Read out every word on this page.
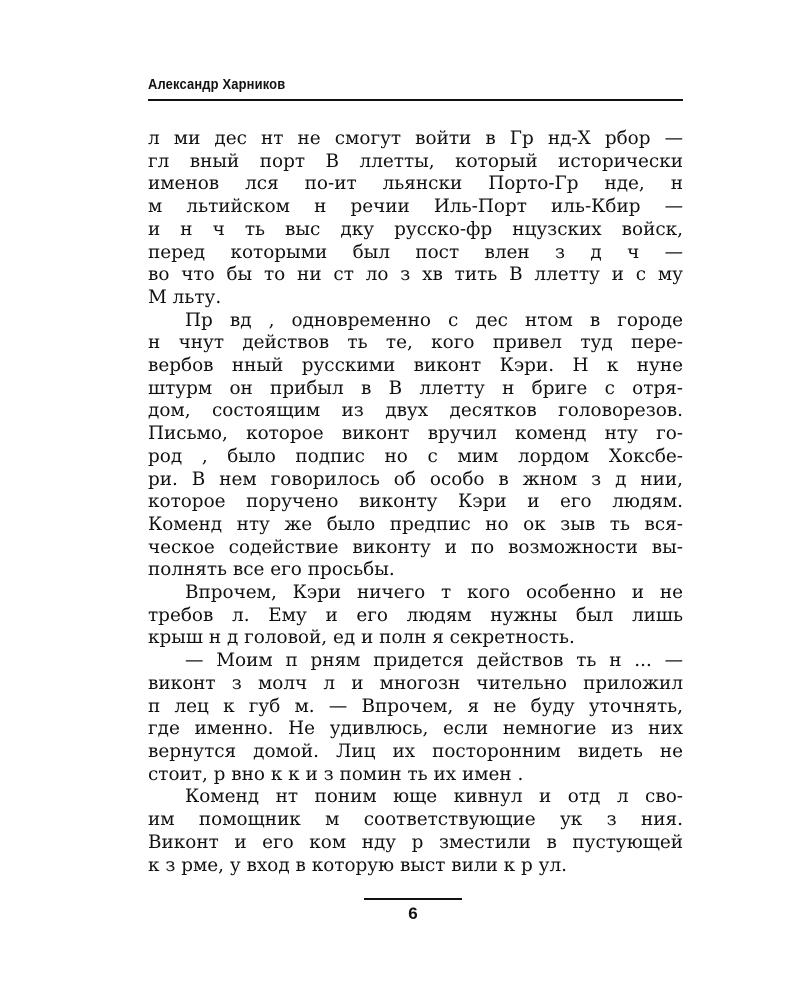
Александр Харников
л ми дес нт не смогут войти в Гр нд-Х рбор —
гл вный порт В ллетты, который исторически
именов лся по-ит льянски Порто-Гр нде, н
м льтийском н речии Иль-Порт иль-Кбир —
и н ч ть выс дку русско-фр нцузских войск,
перед которыми был пост влен з д ч —
во что бы то ни ст ло з хв тить В ллетту и с му
М льту.
Пр вд , одновременно с дес нтом в городе
н чнут действов ть те, кого привел туд пере-
вербов нный русскими виконт Кэри. Н к нуне
штурм он прибыл в В ллетту н бриге с отря-
дом, состоящим из двух десятков головорезов.
Письмо, которое виконт вручил коменд нту го-
род , было подпис но с мим лордом Хоксбе-
ри. В нем говорилось об особо в жном з д нии,
которое поручено виконту Кэри и его людям.
Коменд нту же было предпис но ок зыв ть вся-
ческое содействие виконту и по возможности вы-
полнять все его просьбы.
Впрочем, Кэри ничего т кого особенно и не
требов л. Ему и его людям нужны был лишь
крыш н д головой, ед и полн я секретность.
— Моим п рням придется действов ть н ... —
виконт з молч л и многозн чительно приложил
п лец к губ м. — Впрочем, я не буду уточнять,
где именно. Не удивлюсь, если немногие из них
вернутся домой. Лиц их посторонним видеть не
стоит, р вно к к и з помин ть их имен .
Коменд нт поним юще кивнул и отд л сво-
им помощник м соответствующие ук з ния.
Виконт и его ком нду р зместили в пустующей
к з рме, у вход в которую выст вили к р ул.
6
